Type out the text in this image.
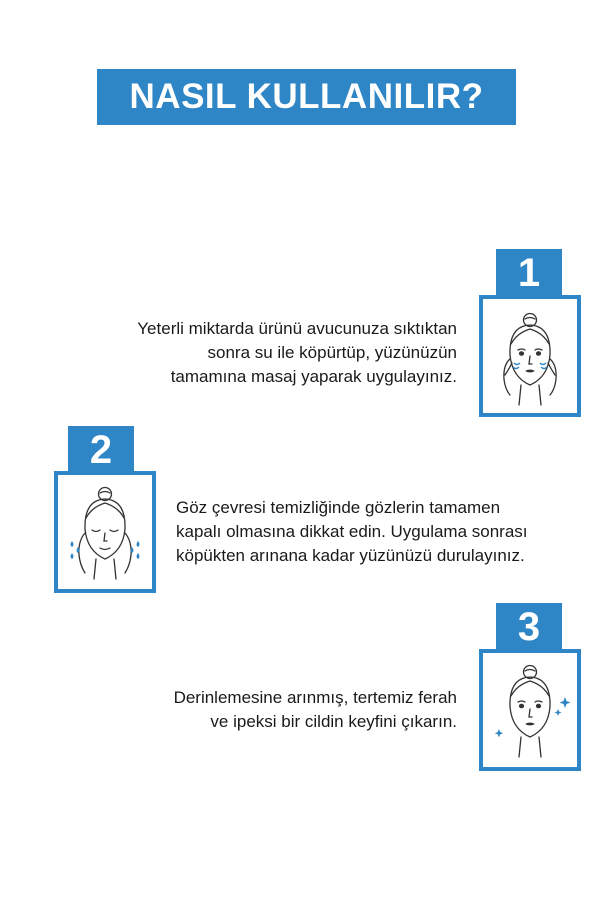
NASIL KULLANILIR?
1
Yeterli miktarda ürünü avucunuza sıktıktan
sonra su ile köpürtüp, yüzünüzün
tamamına masaj yaparak uygulayınız.
2
Göz çevresi temizliğinde gözlerin tamamen
kapalı olmasına dikkat edin. Uygulama sonrası
köpükten arınana kadar yüzünüzü durulayınız.
3
Derinlemesine arınmış, tertemiz ferah
ve ipeksi bir cildin keyfini çıkarın.
